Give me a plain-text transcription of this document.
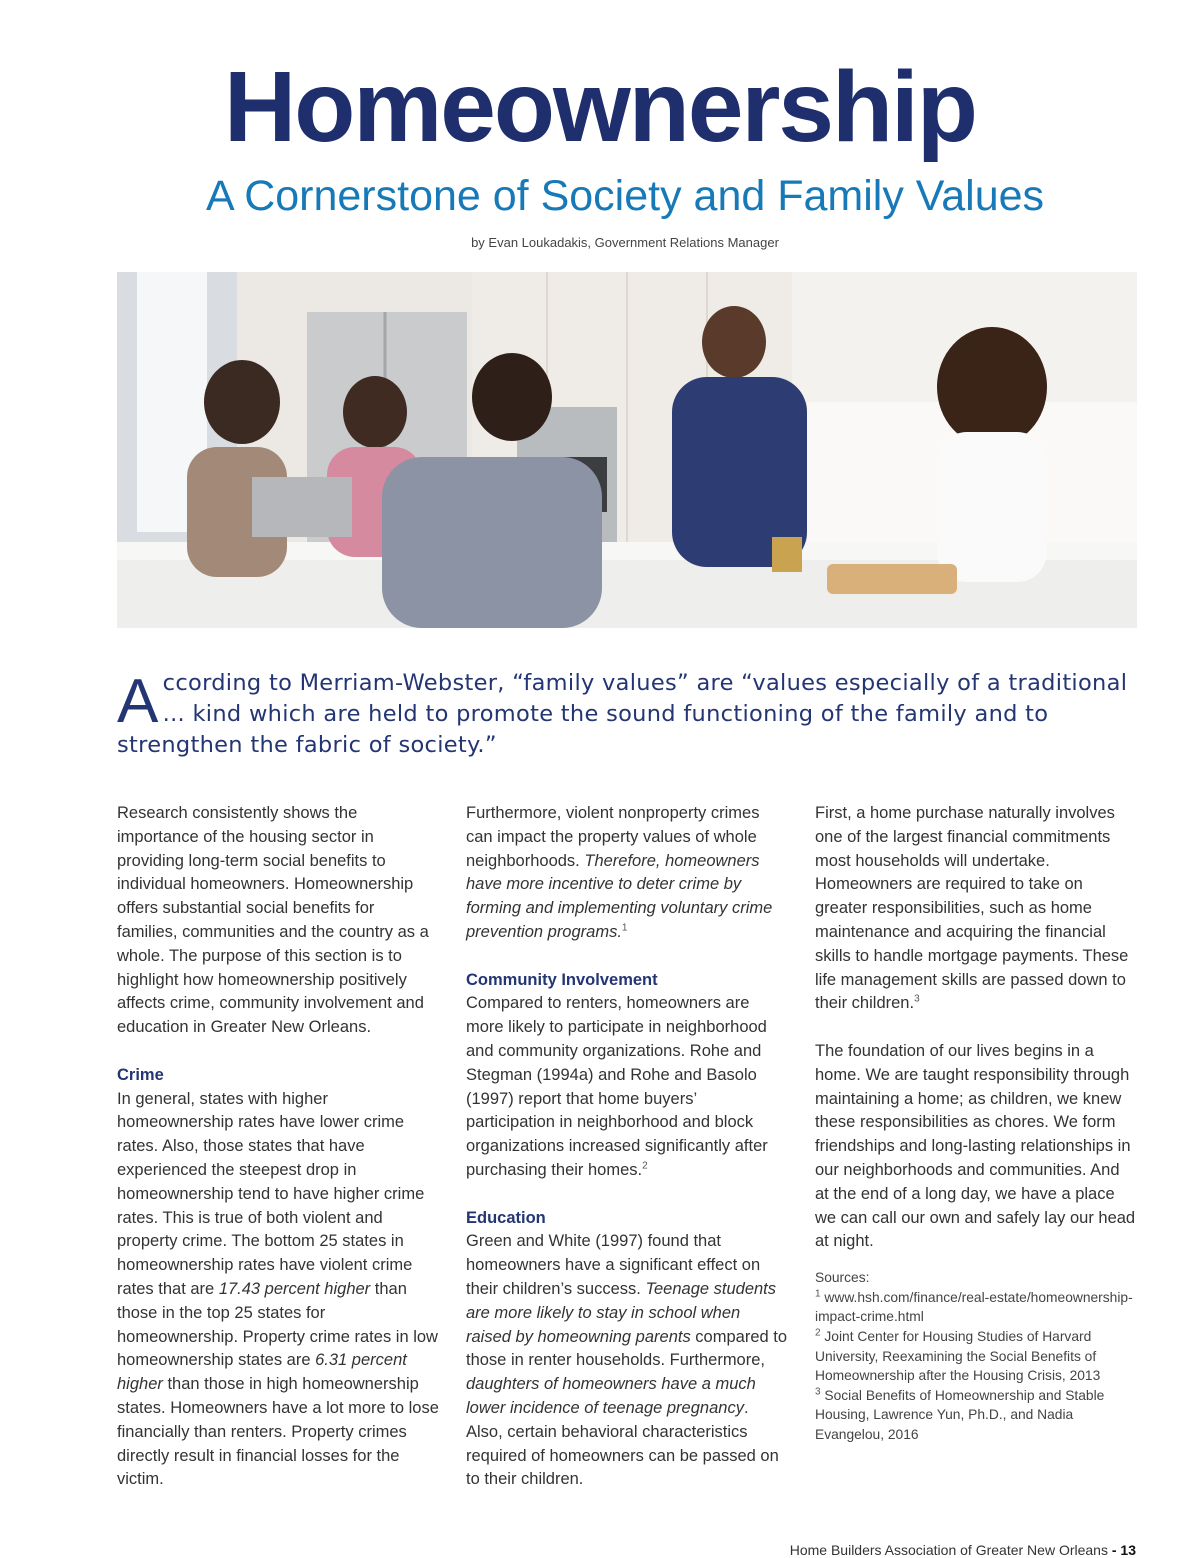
Homeownership
A Cornerstone of Society and Family Values
by Evan Loukadakis, Government Relations Manager
According to Merriam-Webster, “family values” are “values especially of a traditional ... kind which are held to promote the sound functioning of the family and to strengthen the fabric of society.”

Research consistently shows the importance of the housing sector in providing long-term social benefits to individual homeowners. Homeownership offers substantial social benefits for families, communities and the country as a whole. The purpose of this section is to highlight how homeownership positively affects crime, community involvement and education in Greater New Orleans.

Crime

In general, states with higher homeownership rates have lower crime rates. Also, those states that have experienced the steepest drop in homeownership tend to have higher crime rates. This is true of both violent and property crime. The bottom 25 states in homeownership rates have violent crime rates that are 17.43 percent higher than those in the top 25 states for homeownership. Property crime rates in low homeownership states are 6.31 percent higher than those in high homeownership states. Homeowners have a lot more to lose financially than renters. Property crimes directly result in financial losses for the victim.

Furthermore, violent nonproperty crimes can impact the property values of whole neighborhoods. Therefore, homeowners have more incentive to deter crime by forming and implementing voluntary crime prevention programs.$^1$

Community Involvement

Compared to renters, homeowners are more likely to participate in neighborhood and community organizations. Rohe and Stegman (1994a) and Rohe and Basolo (1997) report that home buyers’ participation in neighborhood and block organizations increased significantly after purchasing their homes.$^2$

Education

Green and White (1997) found that homeowners have a significant effect on their children’s success. Teenage students are more likely to stay in school when raised by homeowning parents compared to those in renter households. Furthermore, daughters of homeowners have a much lower incidence of teenage pregnancy. Also, certain behavioral characteristics required of homeowners can be passed on to their children.

First, a home purchase naturally involves one of the largest financial commitments most households will undertake. Homeowners are required to take on greater responsibilities, such as home maintenance and acquiring the financial skills to handle mortgage payments. These life management skills are passed down to their children.$^3$

The foundation of our lives begins in a home. We are taught responsibility through maintaining a home; as children, we knew these responsibilities as chores. We form friendships and long-lasting relationships in our neighborhoods and communities. And at the end of a long day, we have a place we can call our own and safely lay our head at night.

Sources:
$^1$ www.hsh.com/finance/real-estate/homeownership-impact-crime.html
$^2$ Joint Center for Housing Studies of Harvard University, Reexamining the Social Benefits of Homeownership after the Housing Crisis, 2013
$^3$ Social Benefits of Homeownership and Stable Housing, Lawrence Yun, Ph.D., and Nadia Evangelou, 2016
Home Builders Association of Greater New Orleans - 13
